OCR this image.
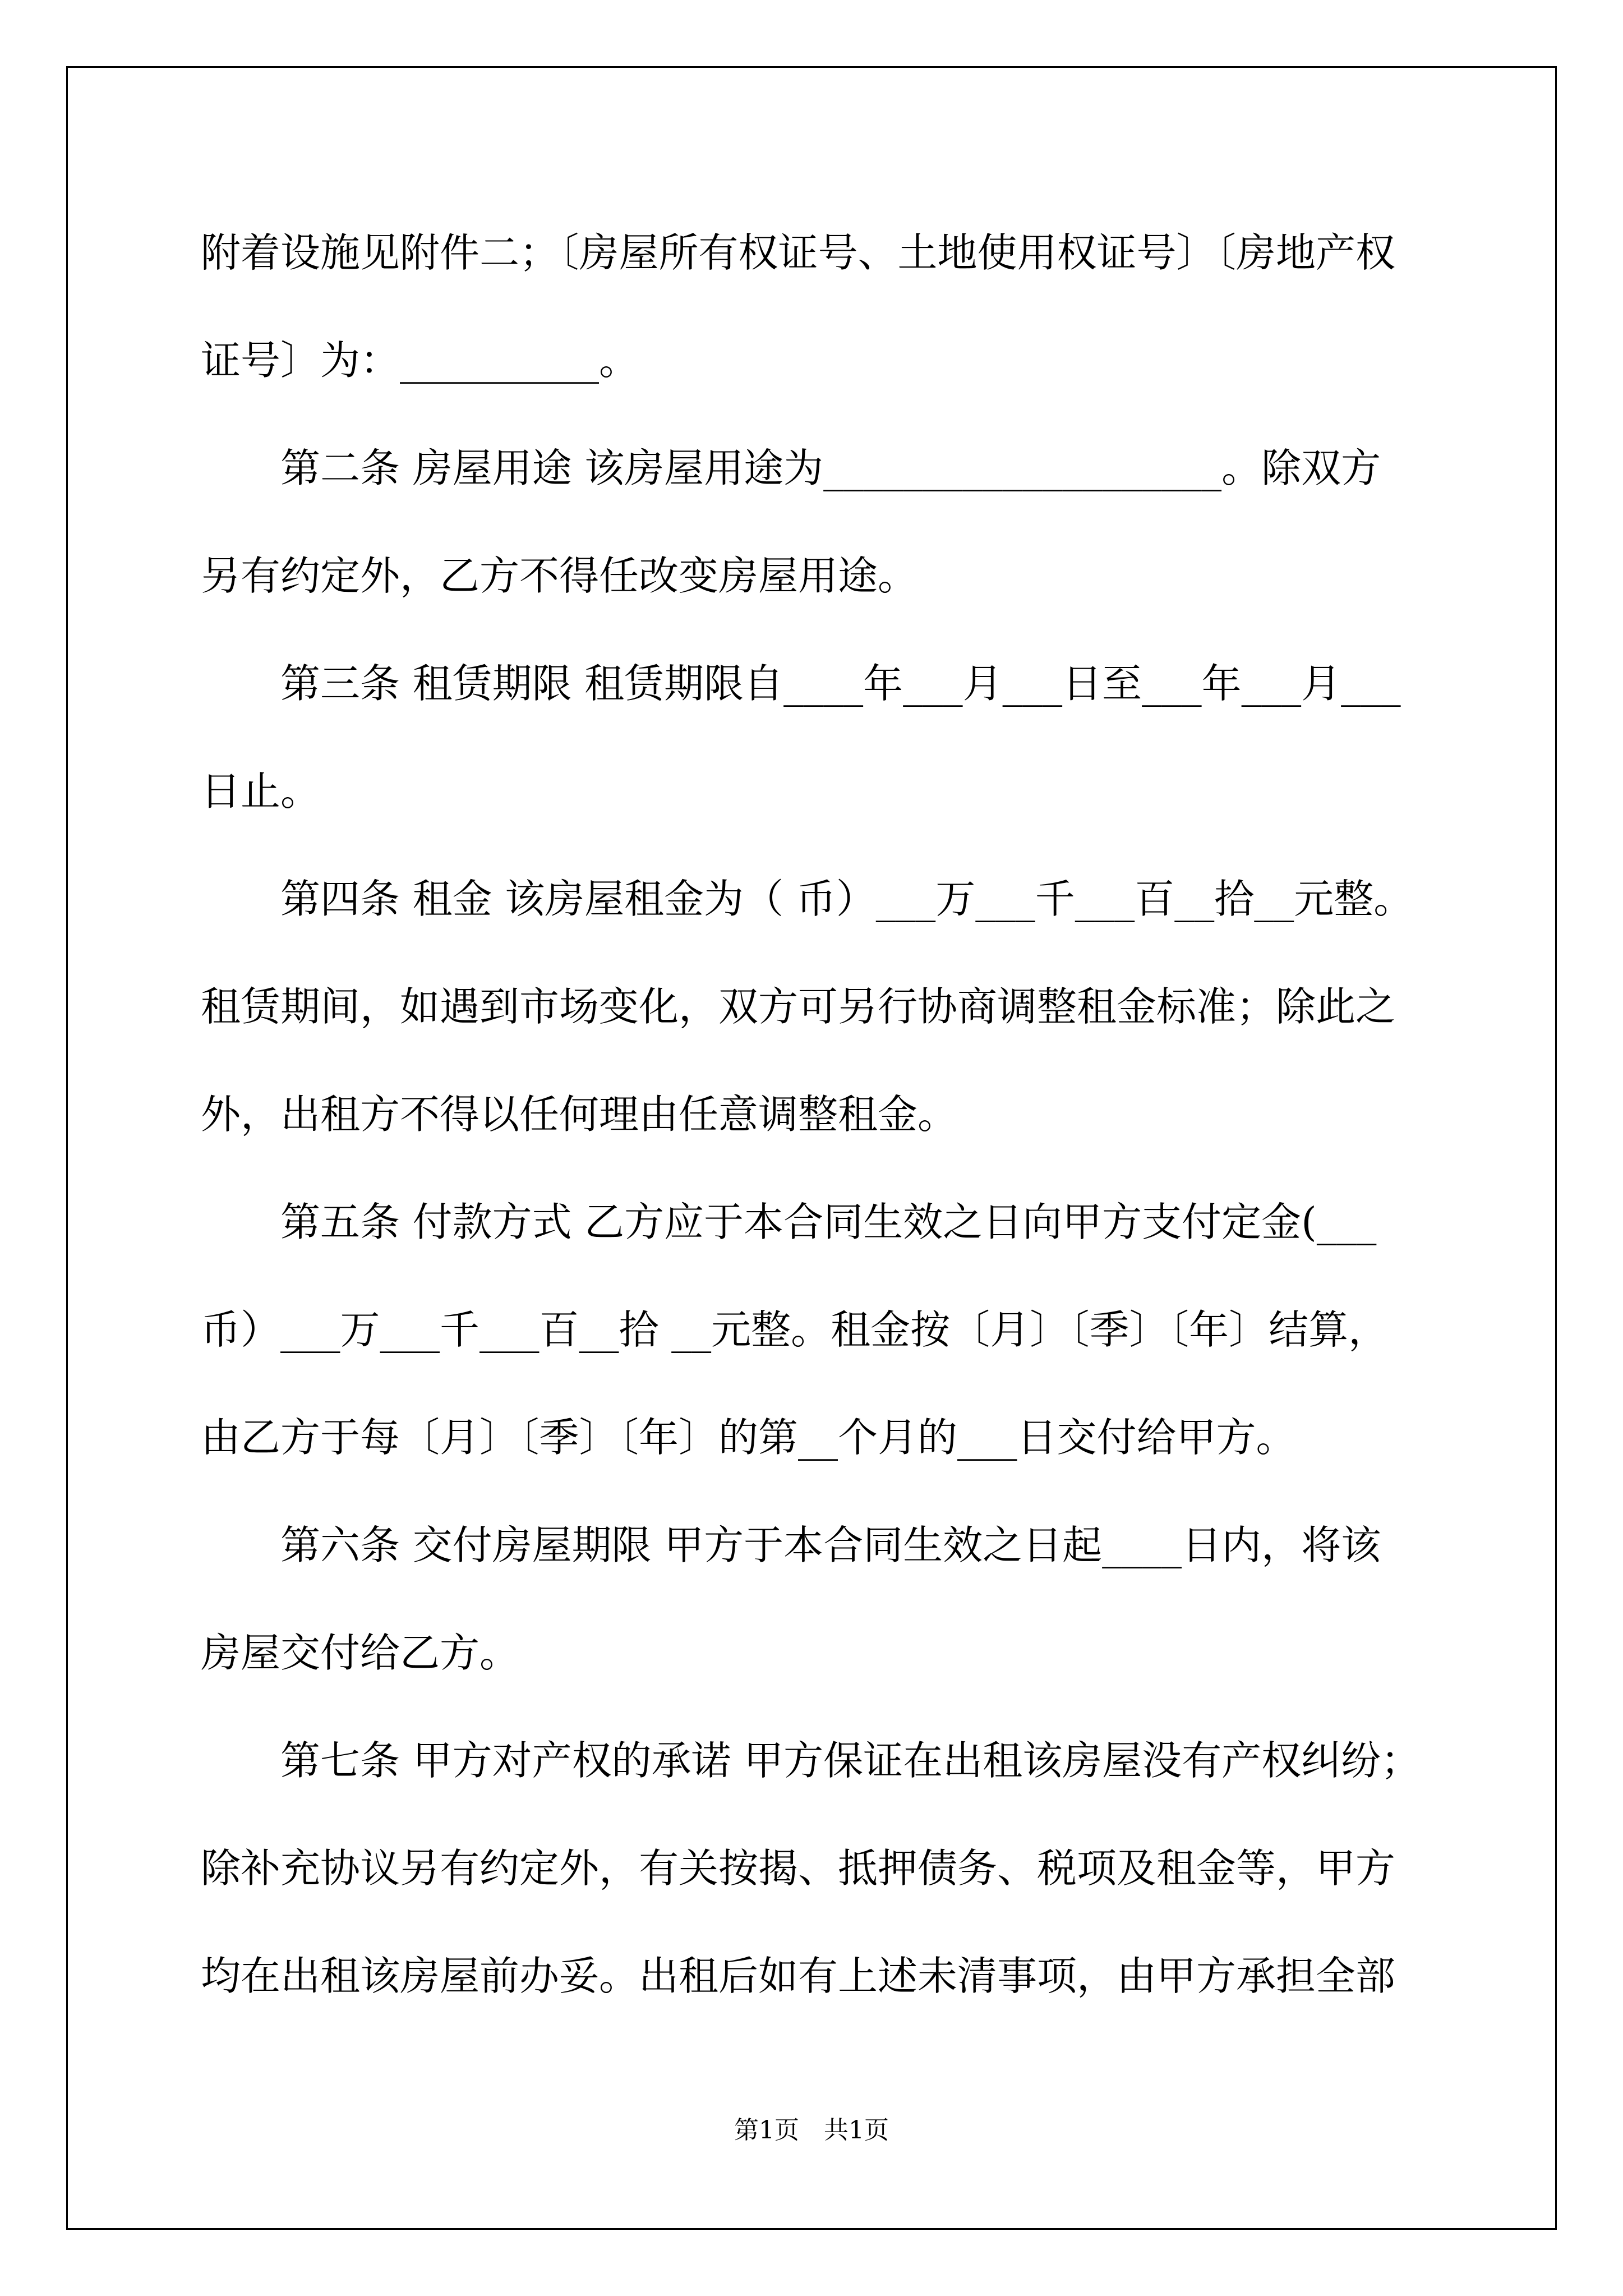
附着设施见附件二；〔房屋所有权证号、土地使用权证号〕〔房地产权
证号〕为：__________。
　　第二条 房屋用途 该房屋用途为____________________。除双方
另有约定外，乙方不得任改变房屋用途。
　　第三条 租赁期限 租赁期限自____年___月___日至___年___月___
日止。
　　第四条 租金 该房屋租金为（ 币）___万___千___百__拾__元整。
租赁期间，如遇到市场变化，双方可另行协商调整租金标准；除此之
外，出租方不得以任何理由任意调整租金。
　　第五条 付款方式 乙方应于本合同生效之日向甲方支付定金(___
币）___万___千___百__拾 __元整。租金按〔月〕〔季〕〔年〕结算，
由乙方于每〔月〕〔季〕〔年〕的第__个月的___日交付给甲方。
　　第六条 交付房屋期限 甲方于本合同生效之日起____日内，将该
房屋交付给乙方。
　　第七条 甲方对产权的承诺 甲方保证在出租该房屋没有产权纠纷；
除补充协议另有约定外，有关按揭、抵押债务、税项及租金等，甲方
均在出租该房屋前办妥。出租后如有上述未清事项，由甲方承担全部
第1页　共1页
